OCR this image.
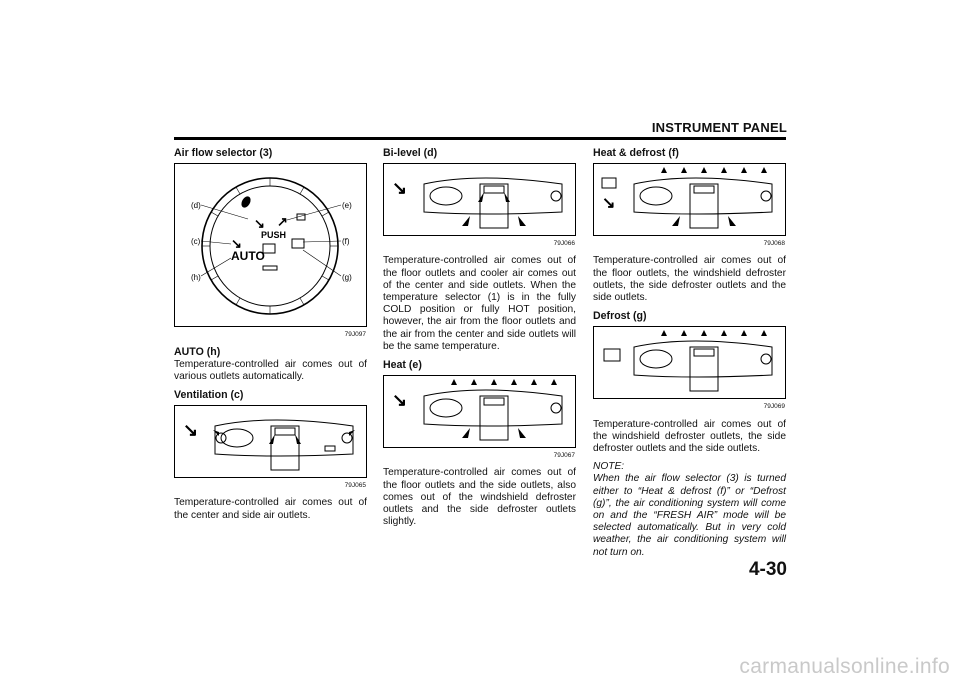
INSTRUMENT PANEL
Air flow selector (3)
↘ ↗
↘
PUSH
AUTO
(d)
(c)
(h)
(e)
(f)
(g)
79J097
AUTO (h)
Temperature-controlled air comes out of various outlets automatically.
Ventilation (c)
↘
79J065
Temperature-controlled air comes out of the center and side air outlets.
Bi-level (d)
↘
79J066
Temperature-controlled air comes out of the floor outlets and cooler air comes out of the center and side outlets. When the temperature selector (1) is in the fully COLD position or fully HOT position, however, the air from the floor outlets and the air from the center and side outlets will be the same temperature.
Heat (e)
↘
79J067
Temperature-controlled air comes out of the floor outlets and the side outlets, also comes out of the windshield defroster outlets and the side defroster outlets slightly.
Heat & defrost (f)
↘
79J068
Temperature-controlled air comes out of the floor outlets, the windshield defroster outlets, the side defroster outlets and the side outlets.
Defrost (g)
79J069
Temperature-controlled air comes out of the windshield defroster outlets, the side defroster outlets and the side outlets.

NOTE:

When the air flow selector (3) is turned either to “Heat & defrost (f)” or “Defrost (g)”, the air conditioning system will come on and the “FRESH AIR” mode will be selected automatically. But in very cold weather, the air conditioning system will not turn on.

4-30
carmanualsonline.info
